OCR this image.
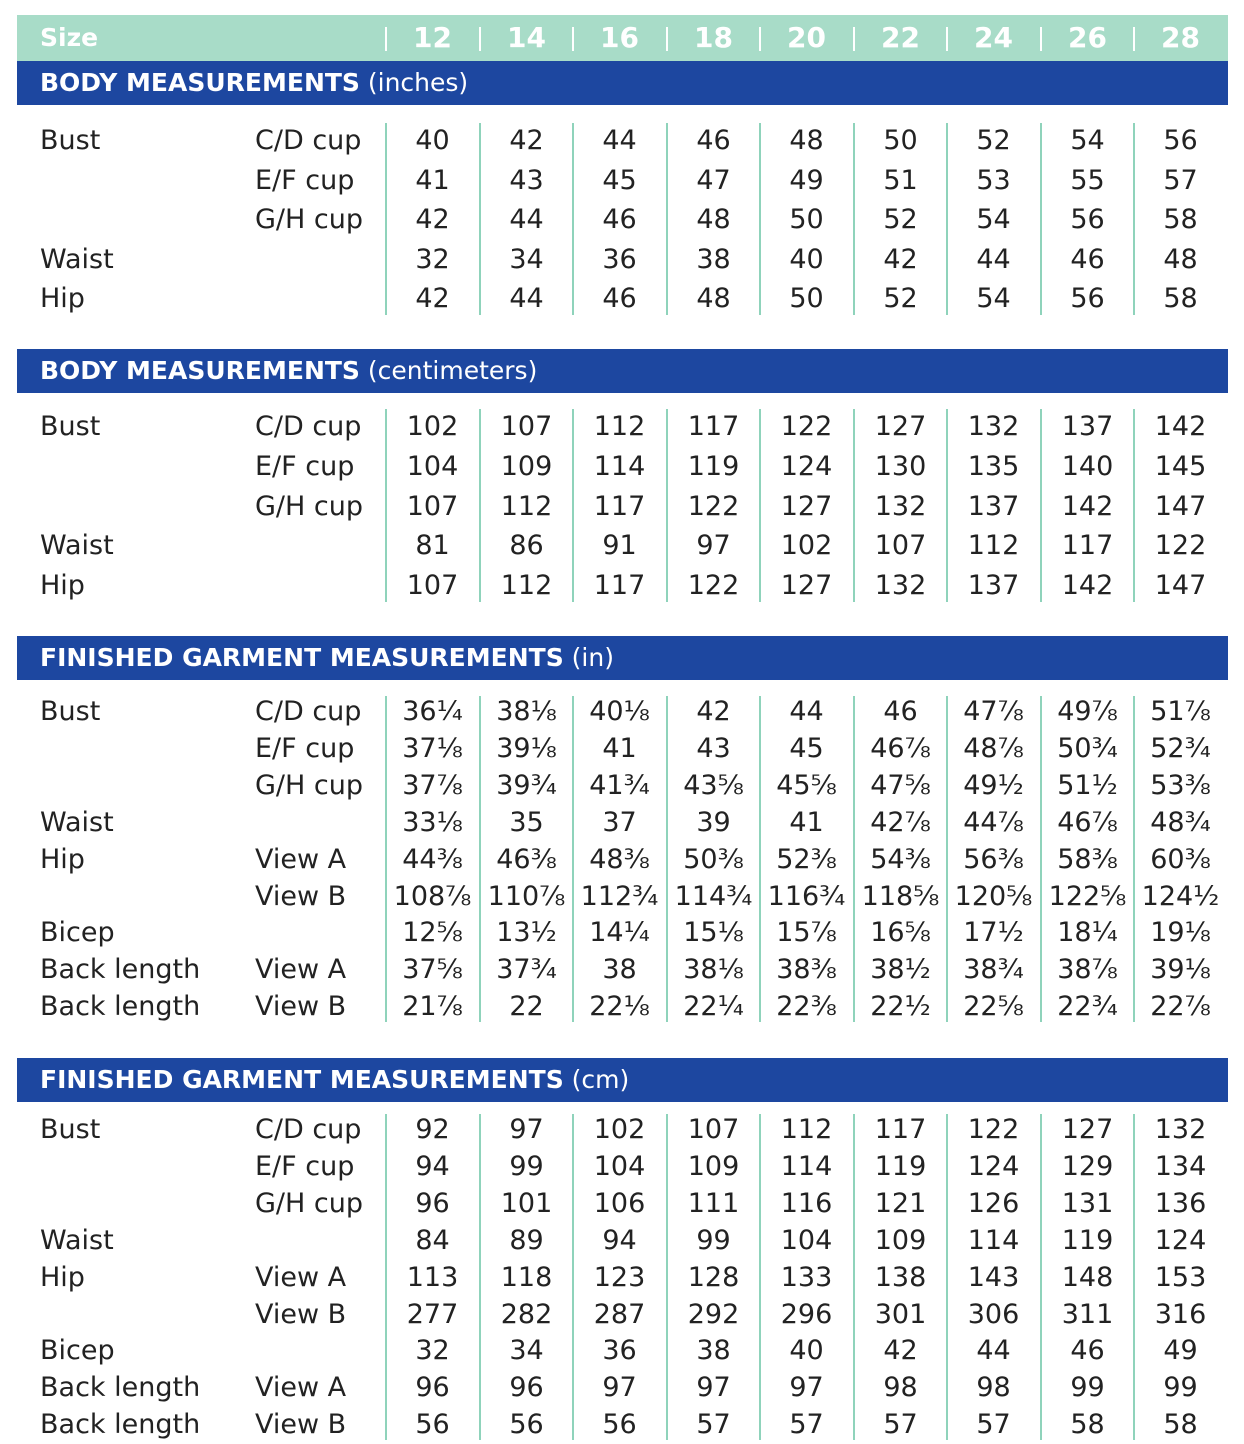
Size	12	14	16	18	20	22	24	26	28
BODY MEASUREMENTS (inches)
Bust	C/D cup	40	42	44	46	48	50	52	54	56
E/F cup	41	43	45	47	49	51	53	55	57
G/H cup	42	44	46	48	50	52	54	56	58
Waist	32	34	36	38	40	42	44	46	48
Hip	42	44	46	48	50	52	54	56	58
BODY MEASUREMENTS (centimeters)
Bust	C/D cup	102	107	112	117	122	127	132	137	142
E/F cup	104	109	114	119	124	130	135	140	145
G/H cup	107	112	117	122	127	132	137	142	147
Waist	81	86	91	97	102	107	112	117	122
Hip	107	112	117	122	127	132	137	142	147
FINISHED GARMENT MEASUREMENTS (in)
Bust	C/D cup	36¼	38⅛	40⅛	42	44	46	47⅞	49⅞	51⅞
E/F cup	37⅛	39⅛	41	43	45	46⅞	48⅞	50¾	52¾
G/H cup	37⅞	39¾	41¾	43⅝	45⅝	47⅝	49½	51½	53⅜
Waist	33⅛	35	37	39	41	42⅞	44⅞	46⅞	48¾
Hip	View A	44⅜	46⅜	48⅜	50⅜	52⅜	54⅜	56⅜	58⅜	60⅜
View B 108⅞ 110⅞ 112¾ 114¾ 116¾ 118⅝ 120⅝ 122⅝ 124½
Bicep	12⅝	13½	14¼	15⅛	15⅞	16⅝	17½	18¼	19⅛
Back length View A	37⅝	37¾	38	38⅛	38⅜	38½	38¾	38⅞	39⅛
Back length View B	21⅞	22	22⅛	22¼	22⅜	22½	22⅝	22¾	22⅞
FINISHED GARMENT MEASUREMENTS (cm)
Bust	C/D cup	92	97	102	107	112	117	122	127	132
E/F cup	94	99	104	109	114	119	124	129	134
G/H cup	96	101	106	111	116	121	126	131	136
Waist	84	89	94	99	104	109	114	119	124
Hip	View A	113	118	123	128	133	138	143	148	153
View B	277	282	287	292	296	301	306	311	316
Bicep	32	34	36	38	40	42	44	46	49
Back length View A	96	96	97	97	97	98	98	99	99
Back length View B	56	56	56	57	57	57	57	58	58
